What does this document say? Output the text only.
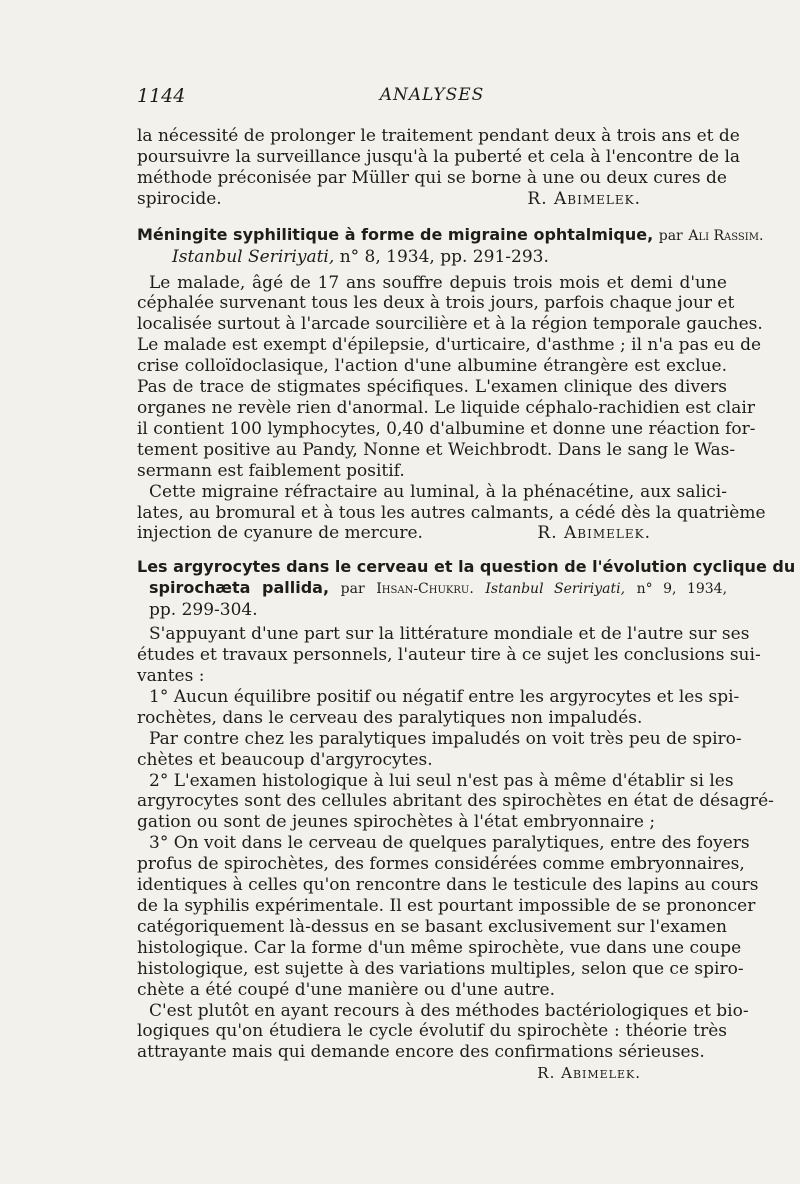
1144	ANALYSES

la nécessité de prolonger le traitement pendant deux à trois ans et de

poursuivre la surveillance jusqu'à la puberté et cela à l'encontre de la

méthode préconisée par Müller qui se borne à une ou deux cures de

spirocide.	R. Abimelek.

Méningite syphilitique à forme de migraine ophtalmique, par Ali Rassim.

Istanbul Seririyati, n° 8, 1934, pp. 291-293.

Le malade, âgé de 17 ans souffre depuis trois mois et demi d'une

céphalée survenant tous les deux à trois jours, parfois chaque jour et

localisée surtout à l'arcade sourcilière et à la région temporale gauches.

Le malade est exempt d'épilepsie, d'urticaire, d'asthme ; il n'a pas eu de

crise colloïdoclasique, l'action d'une albumine étrangère est exclue.

Pas de trace de stigmates spécifiques. L'examen clinique des divers

organes ne revèle rien d'anormal. Le liquide céphalo-rachidien est clair

il contient 100 lymphocytes, 0,40 d'albumine et donne une réaction for-

tement positive au Pandy, Nonne et Weichbrodt. Dans le sang le Was-

sermann est faiblement positif.

Cette migraine réfractaire au luminal, à la phénacétine, aux salici-

lates, au bromural et à tous les autres calmants, a cédé dès la quatrième

injection de cyanure de mercure.	R. Abimelek.

Les argyrocytes dans le cerveau et la question de l'évolution cyclique du

spirochæta pallida, par Ihsan-Chukru. Istanbul Seririyati, n° 9, 1934,

pp. 299-304.

S'appuyant d'une part sur la littérature mondiale et de l'autre sur ses

études et travaux personnels, l'auteur tire à ce sujet les conclusions sui-

vantes :

1° Aucun équilibre positif ou négatif entre les argyrocytes et les spi-

rochètes, dans le cerveau des paralytiques non impaludés.

Par contre chez les paralytiques impaludés on voit très peu de spiro-

chètes et beaucoup d'argyrocytes.

2° L'examen histologique à lui seul n'est pas à même d'établir si les

argyrocytes sont des cellules abritant des spirochètes en état de désagré-

gation ou sont de jeunes spirochètes à l'état embryonnaire ;

3° On voit dans le cerveau de quelques paralytiques, entre des foyers

profus de spirochètes, des formes considérées comme embryonnaires,

identiques à celles qu'on rencontre dans le testicule des lapins au cours

de la syphilis expérimentale. Il est pourtant impossible de se prononcer

catégoriquement là-dessus en se basant exclusivement sur l'examen

histologique. Car la forme d'un même spirochète, vue dans une coupe

histologique, est sujette à des variations multiples, selon que ce spiro-

chète a été coupé d'une manière ou d'une autre.

C'est plutôt en ayant recours à des méthodes bactériologiques et bio-

logiques qu'on étudiera le cycle évolutif du spirochète : théorie très

attrayante mais qui demande encore des confirmations sérieuses.

R. Abimelek.
